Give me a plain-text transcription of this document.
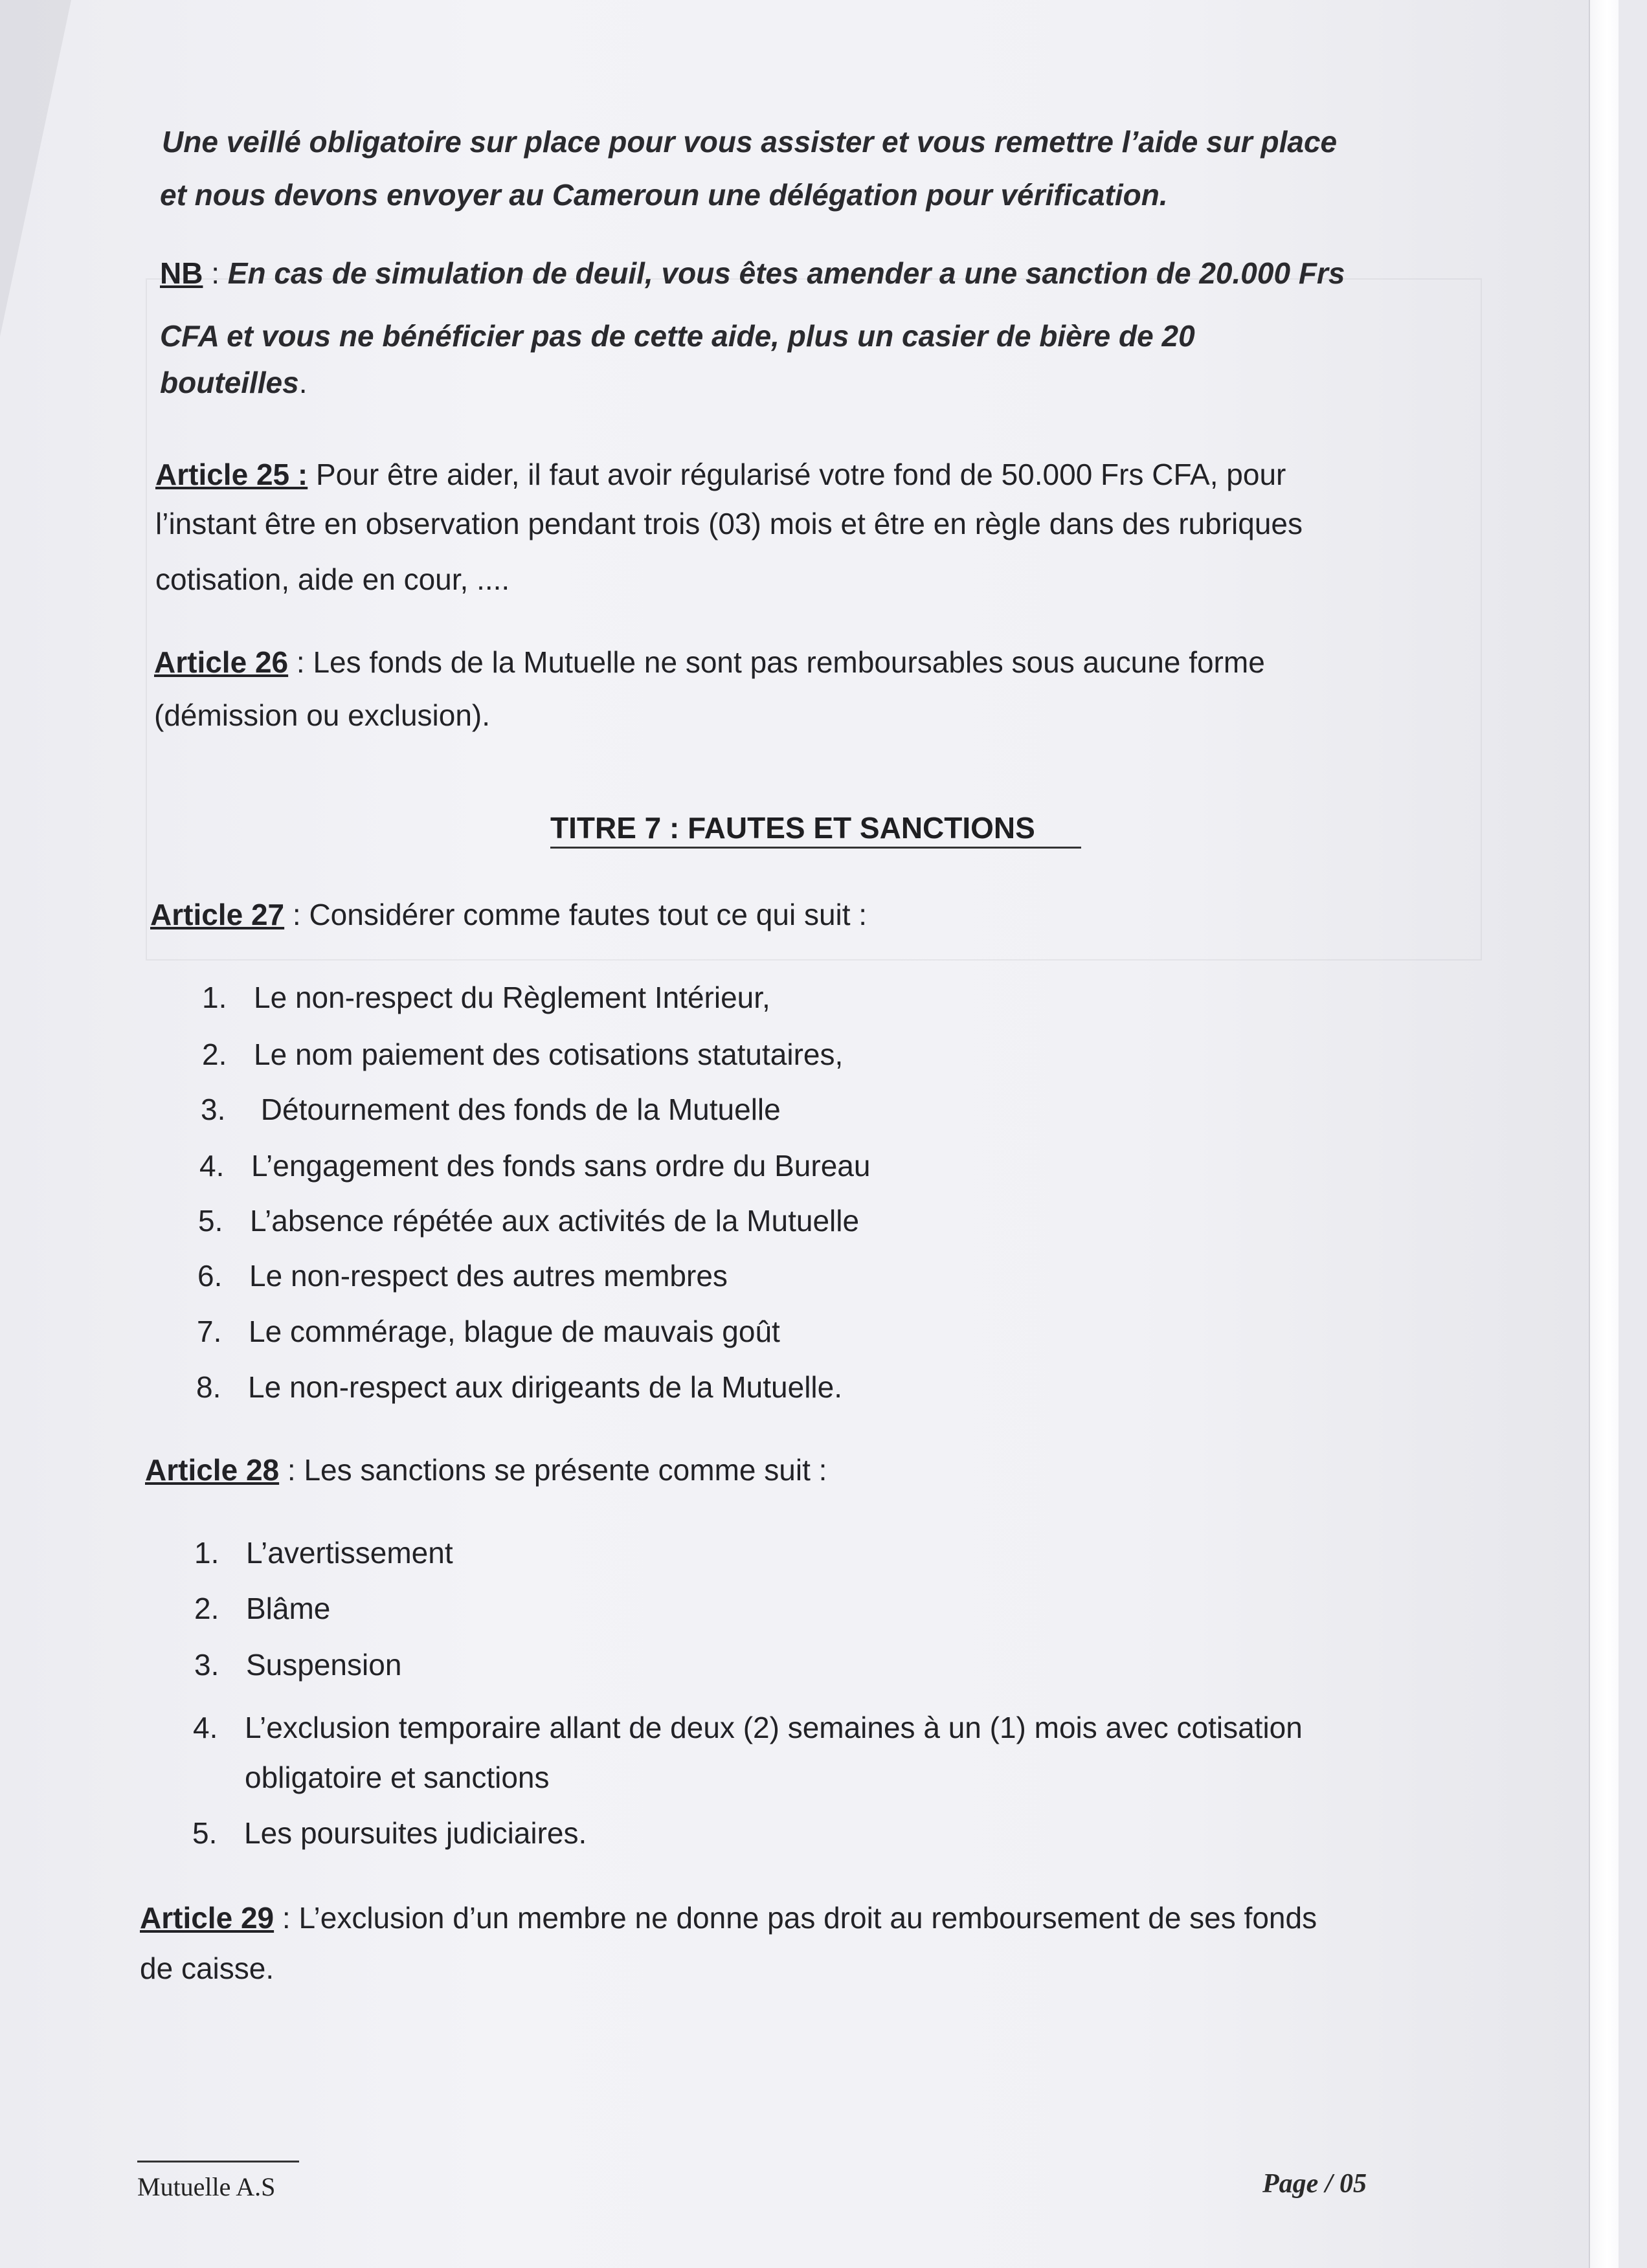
Une veillé obligatoire sur place pour vous assister et vous remettre l’aide sur place

et nous devons envoyer au Cameroun une délégation pour vérification.

NB : En cas de simulation de deuil, vous êtes amender a une sanction de 20.000 Frs

CFA et vous ne bénéficier pas de cette aide, plus un casier de bière de 20

bouteilles.

Article 25 : Pour être aider, il faut avoir régularisé votre fond de 50.000 Frs CFA, pour

l’instant être en observation pendant trois (03) mois et être en règle dans des rubriques

cotisation, aide en cour, ....

Article 26 : Les fonds de la Mutuelle ne sont pas remboursables sous aucune forme

(démission ou exclusion).

TITRE 7 : FAUTES ET SANCTIONS

Article 27 : Considérer comme fautes tout ce qui suit :

1. Le non-respect du Règlement Intérieur,

2. Le nom paiement des cotisations statutaires,

3. Détournement des fonds de la Mutuelle

4. L’engagement des fonds sans ordre du Bureau

5. L’absence répétée aux activités de la Mutuelle

6. Le non-respect des autres membres

7. Le commérage, blague de mauvais goût

8. Le non-respect aux dirigeants de la Mutuelle.

Article 28 : Les sanctions se présente comme suit :

1. L’avertissement

2. Blâme

3. Suspension

4. L’exclusion temporaire allant de deux (2) semaines à un (1) mois avec cotisation

obligatoire et sanctions

5. Les poursuites judiciaires.

Article 29 : L’exclusion d’un membre ne donne pas droit au remboursement de ses fonds

de caisse.

Mutuelle A.S	Page / 05
